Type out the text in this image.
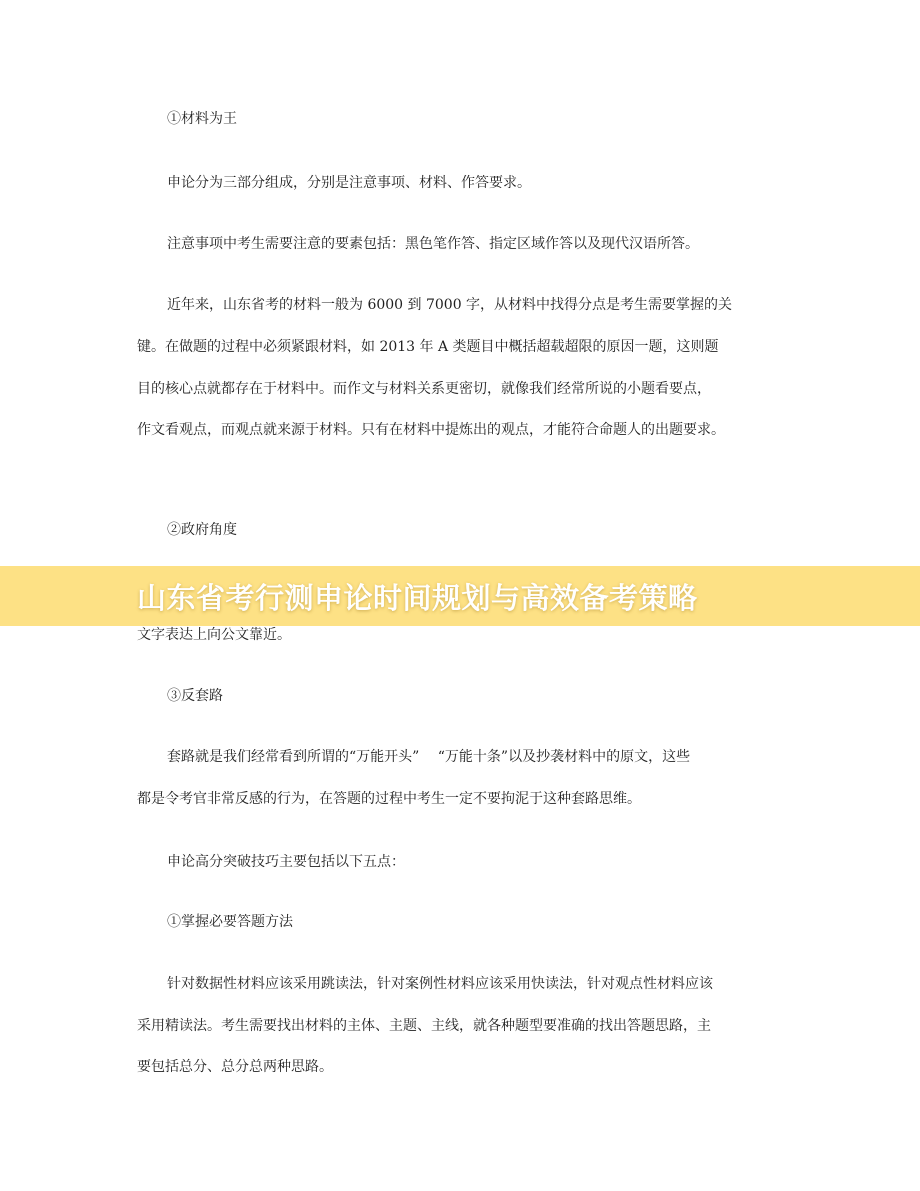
①材料为王
申论分为三部分组成，分别是注意事项、材料、作答要求。
注意事项中考生需要注意的要素包括：黑色笔作答、指定区域作答以及现代汉语所答。
近年来，山东省考的材料一般为 6000 到 7000 字，从材料中找得分点是考生需要掌握的关
键。在做题的过程中必须紧跟材料，如 2013 年 A 类题目中概括超载超限的原因一题，这则题
目的核心点就都存在于材料中。而作文与材料关系更密切，就像我们经常所说的小题看要点，
作文看观点，而观点就来源于材料。只有在材料中提炼出的观点，才能符合命题人的出题要求。
②政府角度
文字表达上向公文靠近。
③反套路
套路就是我们经常看到所谓的“万能开头”　 “万能十条”以及抄袭材料中的原文，这些
都是令考官非常反感的行为，在答题的过程中考生一定不要拘泥于这种套路思维。
申论高分突破技巧主要包括以下五点：
①掌握必要答题方法
针对数据性材料应该采用跳读法，针对案例性材料应该采用快读法，针对观点性材料应该
采用精读法。考生需要找出材料的主体、主题、主线，就各种题型要准确的找出答题思路，主
要包括总分、总分总两种思路。
山东省考行测申论时间规划与高效备考策略
